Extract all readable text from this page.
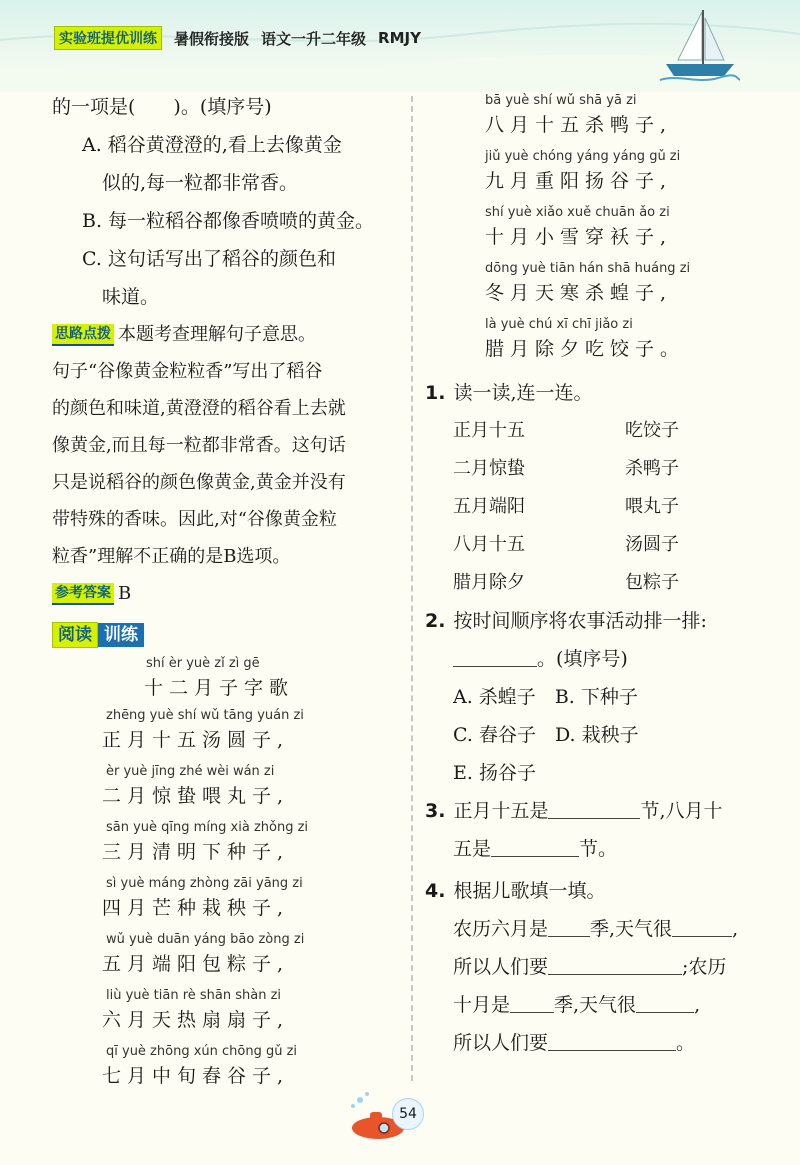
实验班提优训练	暑假衔接版 语文一升二年级 RMJY
的一项是(　　)。(填序号)
A. 稻谷黄澄澄的,看上去像黄金
似的,每一粒都非常香。
B. 每一粒稻谷都像香喷喷的黄金。
C. 这句话写出了稻谷的颜色和
味道。
思路点拨 本题考查理解句子意思。
句子“谷像黄金粒粒香”写出了稻谷
的颜色和味道,黄澄澄的稻谷看上去就
像黄金,而且每一粒都非常香。这句话
只是说稻谷的颜色像黄金,黄金并没有
带特殊的香味。因此,对“谷像黄金粒
粒香”理解不正确的是B选项。
参考答案 B
阅读 训练
shí èr yuè zǐ zì gē
十二月子字歌
zhēng yuè shí wǔ tāng yuán zi
正月十五汤圆子,
èr yuè jīng zhé wèi wán zi
二月惊蛰喂丸子,
sān yuè qīng míng xià zhǒng zi
三月清明下种子,
sì yuè máng zhòng zāi yāng zi
四月芒种栽秧子,
wǔ yuè duān yáng bāo zòng zi
五月端阳包粽子,
liù yuè tiān rè shān shàn zi
六月天热扇扇子,
qī yuè zhōng xún chōng gǔ zi
七月中旬舂谷子,
bā yuè shí wǔ shā yā zi
八月十五杀鸭子,
jiǔ yuè chóng yáng yáng gǔ zi
九月重阳扬谷子,
shí yuè xiǎo xuě chuān ǎo zi
十月小雪穿袄子,
dōng yuè tiān hán shā huáng zi
冬月天寒杀蝗子,
là yuè chú xī chī jiǎo zi
腊月除夕吃饺子。
1. 读一读,连一连。
正月十五	吃饺子
二月惊蛰	杀鸭子
五月端阳	喂丸子
八月十五	汤圆子
腊月除夕	包粽子
2. 按时间顺序将农事活动排一排:
。(填序号)
A. 杀蝗子　 B. 下种子
C. 舂谷子　 D. 栽秧子
E. 扬谷子
3. 正月十五是	节,八月十
五是	节。
4. 根据儿歌填一填。
农历六月是 季,天气很	,
所以人们要	;农历
十月是 季,天气很	,
所以人们要	。
54
